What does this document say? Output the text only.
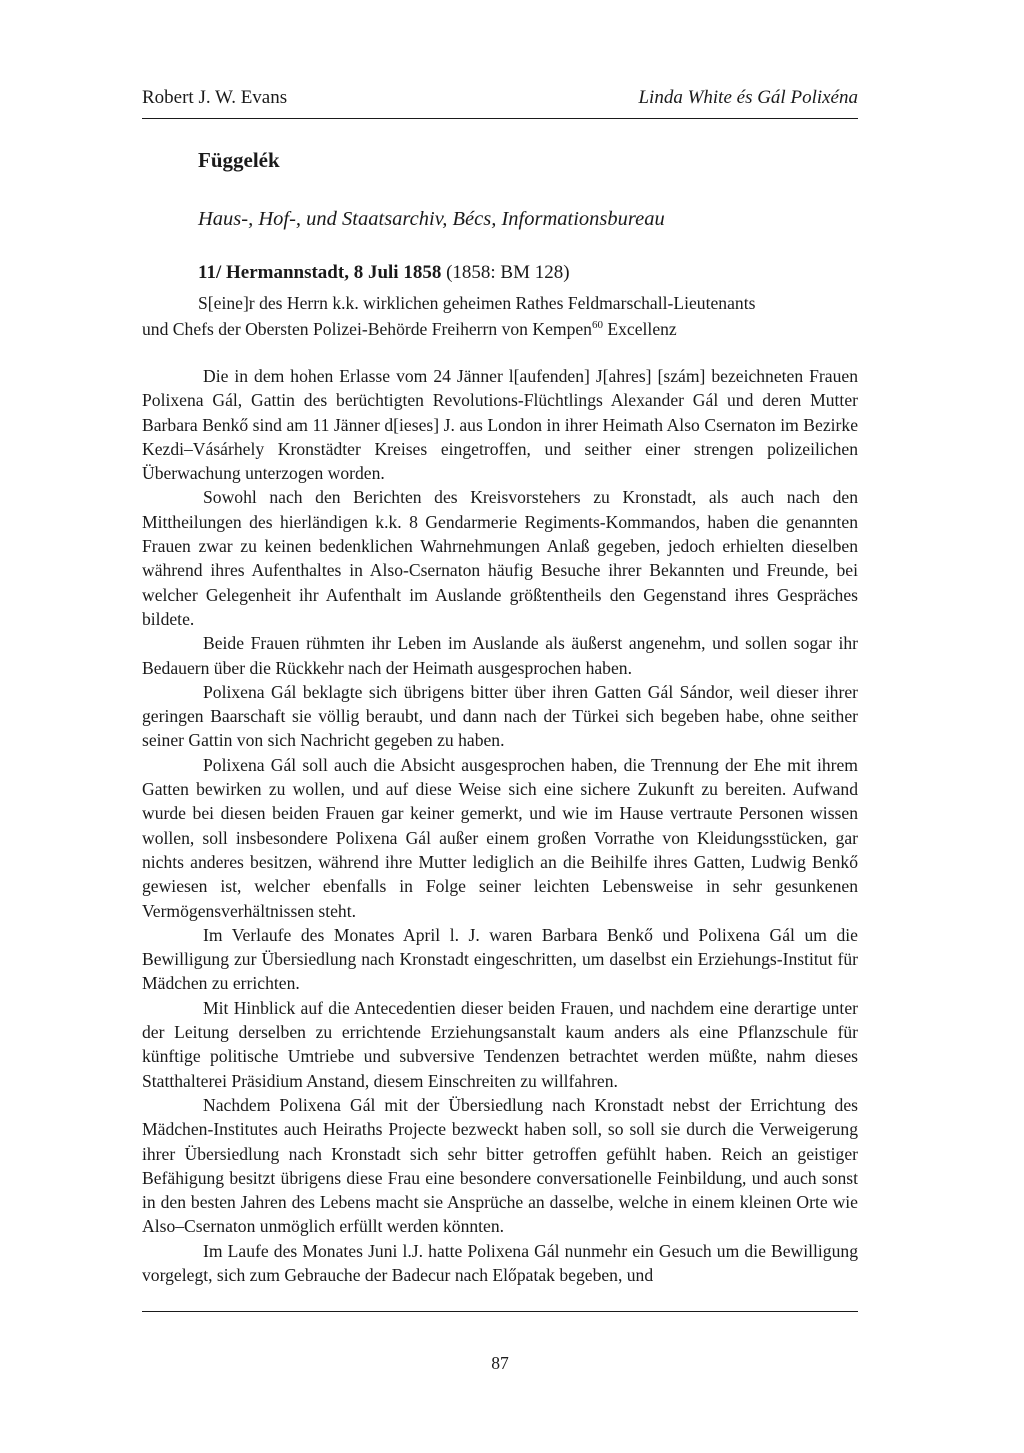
Robert J. W. Evans	Linda White és Gál Polixéna

Függelék

Haus-, Hof-, und Staatsarchiv, Bécs, Informationsbureau

11/ Hermannstadt, 8 Juli 1858 (1858: BM 128)

S[eine]r des Herrn k.k. wirklichen geheimen Rathes Feldmarschall-Lieutenants

und Chefs der Obersten Polizei-Behörde Freiherrn von Kempen$^{60}$ Excellenz

Die in dem hohen Erlasse vom 24 Jänner l[aufenden] J[ahres] [szám] bezeichneten Frauen Polixena Gál, Gattin des berüchtigten Revolutions-Flüchtlings Alexander Gál und deren Mutter Barbara Benkő sind am 11 Jänner d[ieses] J. aus London in ihrer Heimath Also Csernaton im Bezirke Kezdi–Vásárhely Kronstädter Kreises eingetroffen, und seither einer strengen polizeilichen Überwachung unterzogen worden.

Sowohl nach den Berichten des Kreisvorstehers zu Kronstadt, als auch nach den Mittheilungen des hierländigen k.k. 8 Gendarmerie Regiments-Kommandos, haben die genannten Frauen zwar zu keinen bedenklichen Wahrnehmungen Anlaß gegeben, jedoch erhielten dieselben während ihres Aufenthaltes in Also-Csernaton häufig Besuche ihrer Bekannten und Freunde, bei welcher Gelegenheit ihr Aufenthalt im Auslande größtentheils den Gegenstand ihres Gespräches bildete.

Beide Frauen rühmten ihr Leben im Auslande als äußerst angenehm, und sollen sogar ihr Bedauern über die Rückkehr nach der Heimath ausgesprochen haben.

Polixena Gál beklagte sich übrigens bitter über ihren Gatten Gál Sándor, weil dieser ihrer geringen Baarschaft sie völlig beraubt, und dann nach der Türkei sich begeben habe, ohne seither seiner Gattin von sich Nachricht gegeben zu haben.

Polixena Gál soll auch die Absicht ausgesprochen haben, die Trennung der Ehe mit ihrem Gatten bewirken zu wollen, und auf diese Weise sich eine sichere Zukunft zu bereiten. Aufwand wurde bei diesen beiden Frauen gar keiner gemerkt, und wie im Hause vertraute Personen wissen wollen, soll insbesondere Polixena Gál außer einem großen Vorrathe von Kleidungsstücken, gar nichts anderes besitzen, während ihre Mutter lediglich an die Beihilfe ihres Gatten, Ludwig Benkő gewiesen ist, welcher ebenfalls in Folge seiner leichten Lebensweise in sehr gesunkenen Vermögensverhältnissen steht.

Im Verlaufe des Monates April l. J. waren Barbara Benkő und Polixena Gál um die Bewilligung zur Übersiedlung nach Kronstadt eingeschritten, um daselbst ein Erziehungs-Institut für Mädchen zu errichten.

Mit Hinblick auf die Antecedentien dieser beiden Frauen, und nachdem eine derartige unter der Leitung derselben zu errichtende Erziehungsanstalt kaum anders als eine Pflanzschule für künftige politische Umtriebe und subversive Tendenzen betrachtet werden müßte, nahm dieses Statthalterei Präsidium Anstand, diesem Einschreiten zu willfahren.

Nachdem Polixena Gál mit der Übersiedlung nach Kronstadt nebst der Errichtung des Mädchen-Institutes auch Heiraths Projecte bezweckt haben soll, so soll sie durch die Verweigerung ihrer Übersiedlung nach Kronstadt sich sehr bitter getroffen gefühlt haben. Reich an geistiger Befähigung besitzt übrigens diese Frau eine besondere conversationelle Feinbildung, und auch sonst in den besten Jahren des Lebens macht sie Ansprüche an dasselbe, welche in einem kleinen Orte wie Also–Csernaton unmöglich erfüllt werden könnten.

Im Laufe des Monates Juni l.J. hatte Polixena Gál nunmehr ein Gesuch um die Bewilligung vorgelegt, sich zum Gebrauche der Badecur nach Előpatak begeben, und

87
